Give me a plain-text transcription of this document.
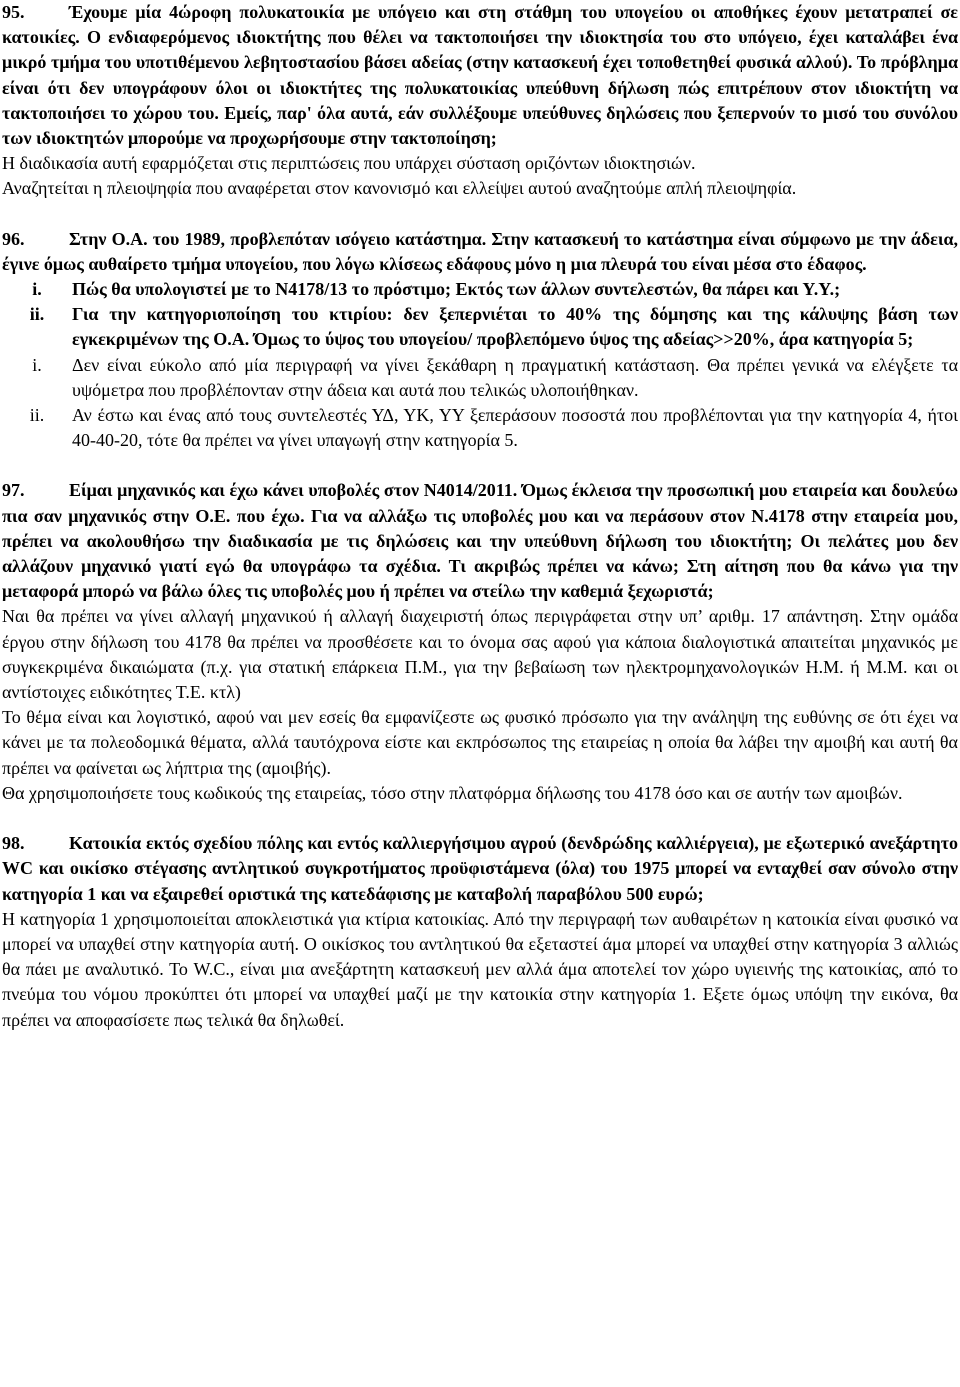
95. Έχουμε μία 4ώροφη πολυκατοικία με υπόγειο και στη στάθμη του υπογείου οι αποθήκες έχουν μετατραπεί σε κατοικίες. Ο ενδιαφερόμενος ιδιοκτήτης που θέλει να τακτοποιήσει την ιδιοκτησία του στο υπόγειο, έχει καταλάβει ένα μικρό τμήμα του υποτιθέμενου λεβητοστασίου βάσει αδείας (στην κατασκευή έχει τοποθετηθεί φυσικά αλλού). Το πρόβλημα είναι ότι δεν υπογράφουν όλοι οι ιδιοκτήτες της πολυκατοικίας υπεύθυνη δήλωση πώς επιτρέπουν στον ιδιοκτήτη να τακτοποιήσει το χώρου του. Εμείς, παρ' όλα αυτά, εάν συλλέξουμε υπεύθυνες δηλώσεις που ξεπερνούν το μισό του συνόλου των ιδιοκτητών μπορούμε να προχωρήσουμε στην τακτοποίηση;

Η διαδικασία αυτή εφαρμόζεται στις περιπτώσεις που υπάρχει σύσταση οριζόντων ιδιοκτησιών.

Αναζητείται η πλειοψηφία που αναφέρεται στον κανονισμό και ελλείψει αυτού αναζητούμε απλή πλειοψηφία.

96. Στην Ο.Α. του 1989, προβλεπόταν ισόγειο κατάστημα. Στην κατασκευή το κατάστημα είναι σύμφωνο με την άδεια, έγινε όμως αυθαίρετο τμήμα υπογείου, που λόγω κλίσεως εδάφους μόνο η μια πλευρά του είναι μέσα στο έδαφος.

i.	Πώς θα υπολογιστεί με το Ν4178/13 το πρόστιμο; Εκτός των άλλων συντελεστών, θα πάρει και Υ.Υ.;
ii.	Για την κατηγοριοποίηση του κτιρίου: δεν ξεπερνιέται το 40% της δόμησης και της κάλυψης βάση των εγκεκριμένων της Ο.Α. Όμως το ύψος του υπογείου/ προβλεπόμενο ύψος της αδείας>>20%, άρα κατηγορία 5;
i.	Δεν είναι εύκολο από μία περιγραφή να γίνει ξεκάθαρη η πραγματική κατάσταση. Θα πρέπει γενικά να ελέγξετε τα υψόμετρα που προβλέπονταν στην άδεια και αυτά που τελικώς υλοποιήθηκαν.
ii.	Αν έστω και ένας από τους συντελεστές ΥΔ, ΥΚ, ΥΥ ξεπεράσουν ποσοστά που προβλέπονται για την κατηγορία 4, ήτοι 40-40-20, τότε θα πρέπει να γίνει υπαγωγή στην κατηγορία 5.

97. Είμαι μηχανικός και έχω κάνει υποβολές στον Ν4014/2011. Όμως έκλεισα την προσωπική μου εταιρεία και δουλεύω πια σαν μηχανικός στην Ο.Ε. που έχω. Για να αλλάξω τις υποβολές μου και να περάσουν στον Ν.4178 στην εταιρεία μου, πρέπει να ακολουθήσω την διαδικασία με τις δηλώσεις και την υπεύθυνη δήλωση του ιδιοκτήτη; Οι πελάτες μου δεν αλλάζουν μηχανικό γιατί εγώ θα υπογράφω τα σχέδια. Τι ακριβώς πρέπει να κάνω; Στη αίτηση που θα κάνω για την μεταφορά μπορώ να βάλω όλες τις υποβολές μου ή πρέπει να στείλω την καθεμιά ξεχωριστά;

Ναι θα πρέπει να γίνει αλλαγή μηχανικού ή αλλαγή διαχειριστή όπως περιγράφεται στην υπ’ αριθμ. 17 απάντηση. Στην ομάδα έργου στην δήλωση του 4178 θα πρέπει να προσθέσετε και το όνομα σας αφού για κάποια διαλογιστικά απαιτείται μηχανικός με συγκεκριμένα δικαιώματα (π.χ. για στατική επάρκεια Π.Μ., για την βεβαίωση των ηλεκτρομηχανολογικών Η.Μ. ή Μ.Μ. και οι αντίστοιχες ειδικότητες Τ.Ε. κτλ)

Το θέμα είναι και λογιστικό, αφού ναι μεν εσείς θα εμφανίζεστε ως φυσικό πρόσωπο για την ανάληψη της ευθύνης σε ότι έχει να κάνει με τα πολεοδομικά θέματα, αλλά ταυτόχρονα είστε και εκπρόσωπος της εταιρείας η οποία θα λάβει την αμοιβή και αυτή θα πρέπει να φαίνεται ως λήπτρια της (αμοιβής).

Θα χρησιμοποιήσετε τους κωδικούς της εταιρείας, τόσο στην πλατφόρμα δήλωσης του 4178 όσο και σε αυτήν των αμοιβών.

98. Κατοικία εκτός σχεδίου πόλης και εντός καλλιεργήσιμου αγρού (δενδρώδης καλλιέργεια), με εξωτερικό ανεξάρτητο WC και οικίσκο στέγασης αντλητικού συγκροτήματος προϋφιστάμενα (όλα) του 1975 μπορεί να ενταχθεί σαν σύνολο στην κατηγορία 1 και να εξαιρεθεί οριστικά της κατεδάφισης με καταβολή παραβόλου 500 ευρώ;

Η κατηγορία 1 χρησιμοποιείται αποκλειστικά για κτίρια κατοικίας. Από την περιγραφή των αυθαιρέτων η κατοικία είναι φυσικό να μπορεί να υπαχθεί στην κατηγορία αυτή. Ο οικίσκος του αντλητικού θα εξεταστεί άμα μπορεί να υπαχθεί στην κατηγορία 3 αλλιώς θα πάει με αναλυτικό. Το W.C., είναι μια ανεξάρτητη κατασκευή μεν αλλά άμα αποτελεί τον χώρο υγιεινής της κατοικίας, από το πνεύμα του νόμου προκύπτει ότι μπορεί να υπαχθεί μαζί με την κατοικία στην κατηγορία 1. Εξετε όμως υπόψη την εικόνα, θα πρέπει να αποφασίσετε πως τελικά θα δηλωθεί.
